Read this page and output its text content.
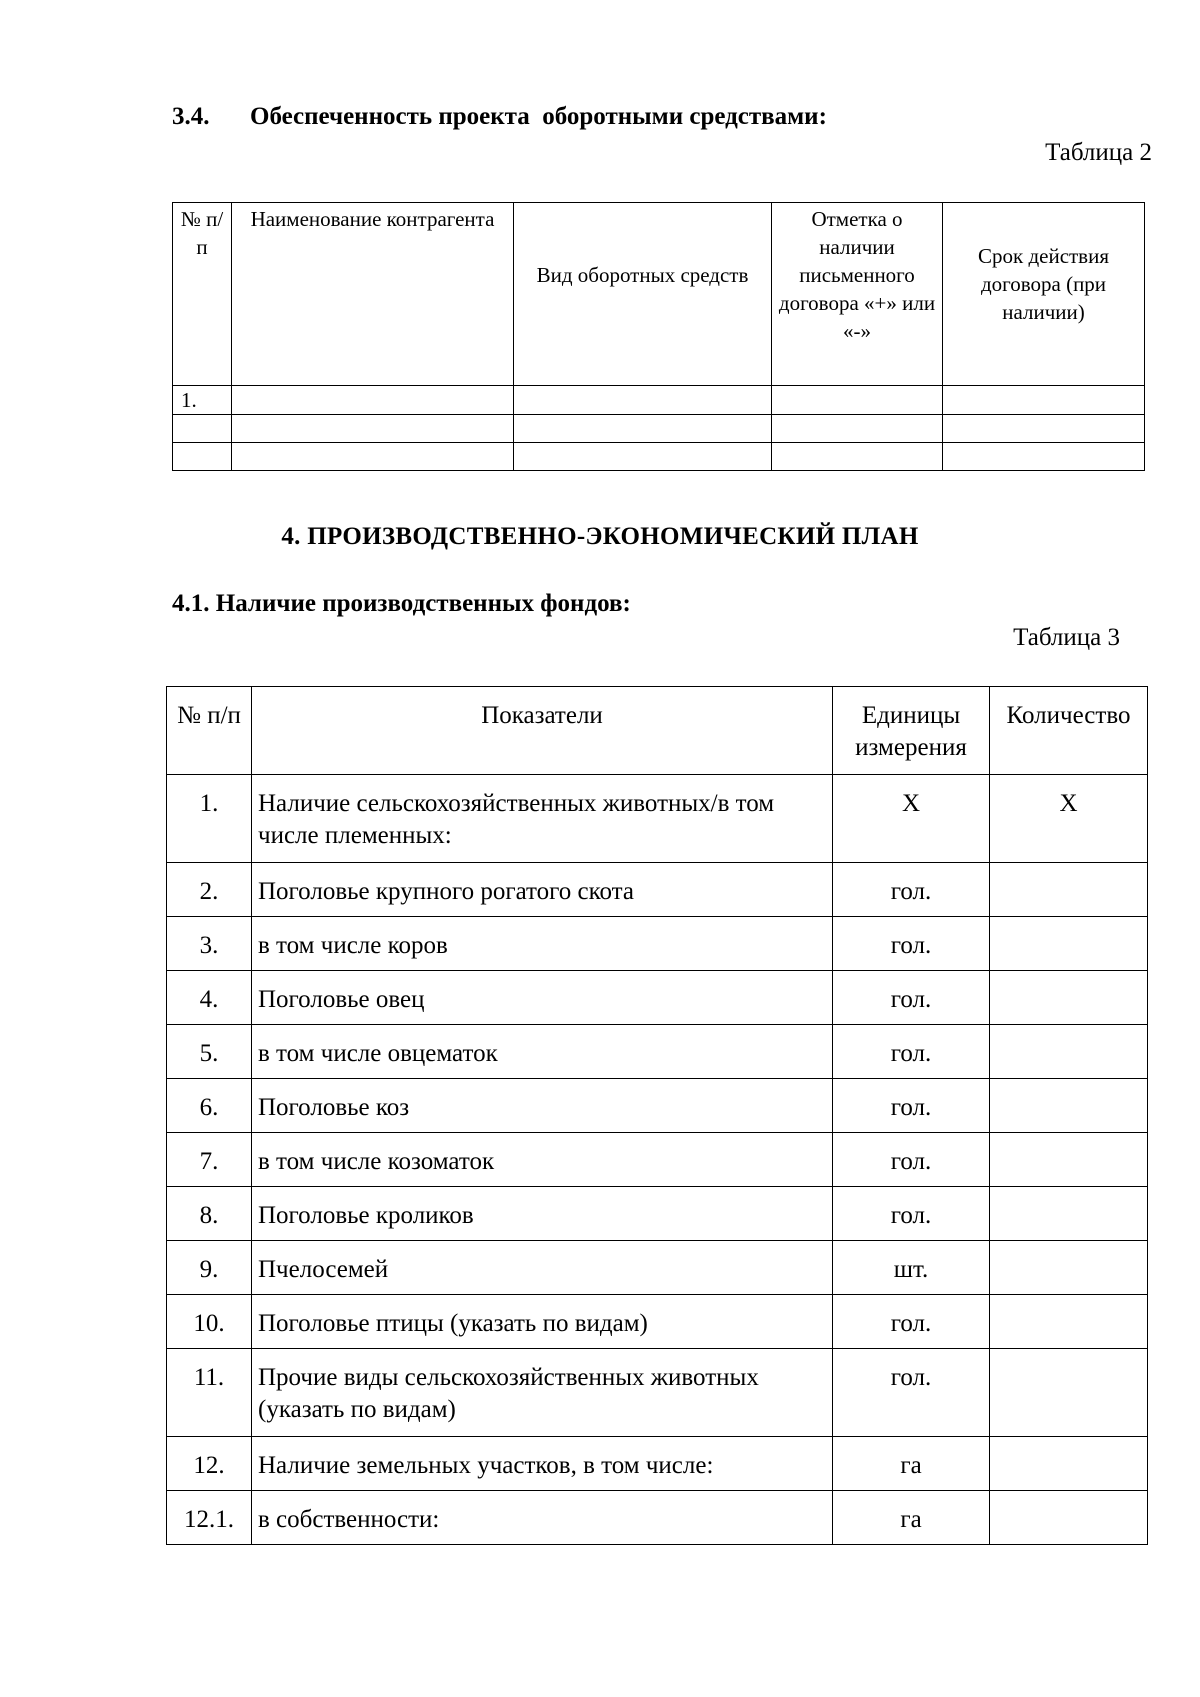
3.4. Обеспеченность проекта  оборотными средствами:
Таблица 2
№ п/п	Наименование контрагента	Вид оборотных средств	Отметка о наличии письменного договора «+» или «-»	Срок действия договора (при наличии)
1.				

4. ПРОИЗВОДСТВЕННО-ЭКОНОМИЧЕСКИЙ ПЛАН
4.1. Наличие производственных фондов:
Таблица 3
№ п/п	Показатели	Единицы измерения	Количество
1.	Наличие сельскохозяйственных животных/в том числе племенных:	X	X
2.	Поголовье крупного рогатого скота	гол.	
3.	в том числе коров	гол.	
4.	Поголовье овец	гол.	
5.	в том числе овцематок	гол.	
6.	Поголовье коз	гол.	
7.	в том числе козоматок	гол.	
8.	Поголовье кроликов	гол.	
9.	Пчелосемей	шт.	
10.	Поголовье птицы (указать по видам)	гол.	
11.	Прочие виды сельскохозяйственных животных (указать по видам)	гол.	
12.	Наличие земельных участков, в том числе:	га	
12.1.	в собственности:	га	
